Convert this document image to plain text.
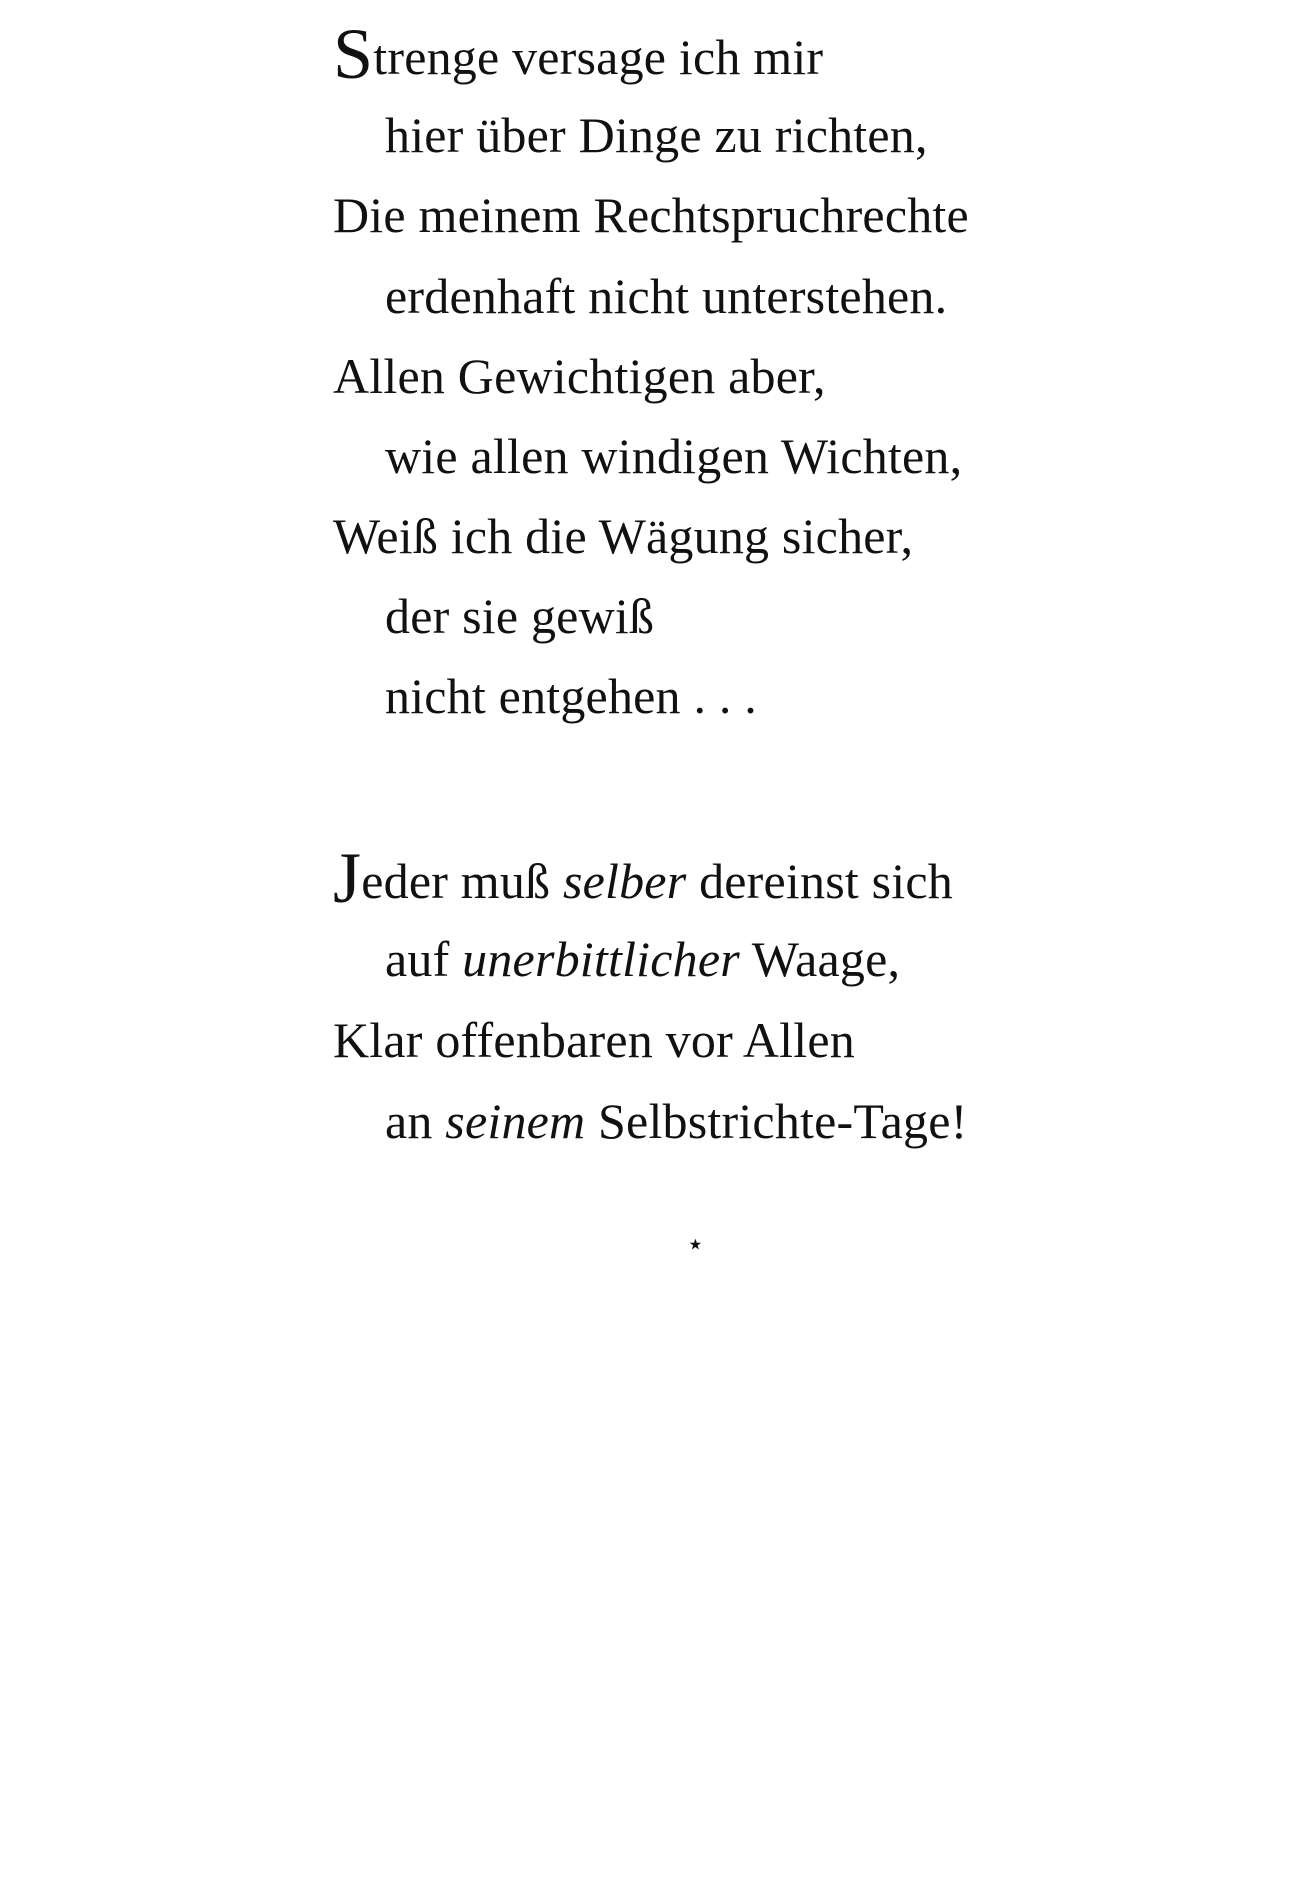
Strenge versage ich mir
hier über Dinge zu richten,
Die meinem Rechtspruchrechte
erdenhaft nicht unterstehen.
Allen Gewichtigen aber,
wie allen windigen Wichten,
Weiß ich die Wägung sicher,
der sie gewiß
nicht entgehen . . .
Jeder muß selber dereinst sich
auf unerbittlicher Waage,
Klar offenbaren vor Allen
an seinem Selbstrichte-Tage!
⋆
